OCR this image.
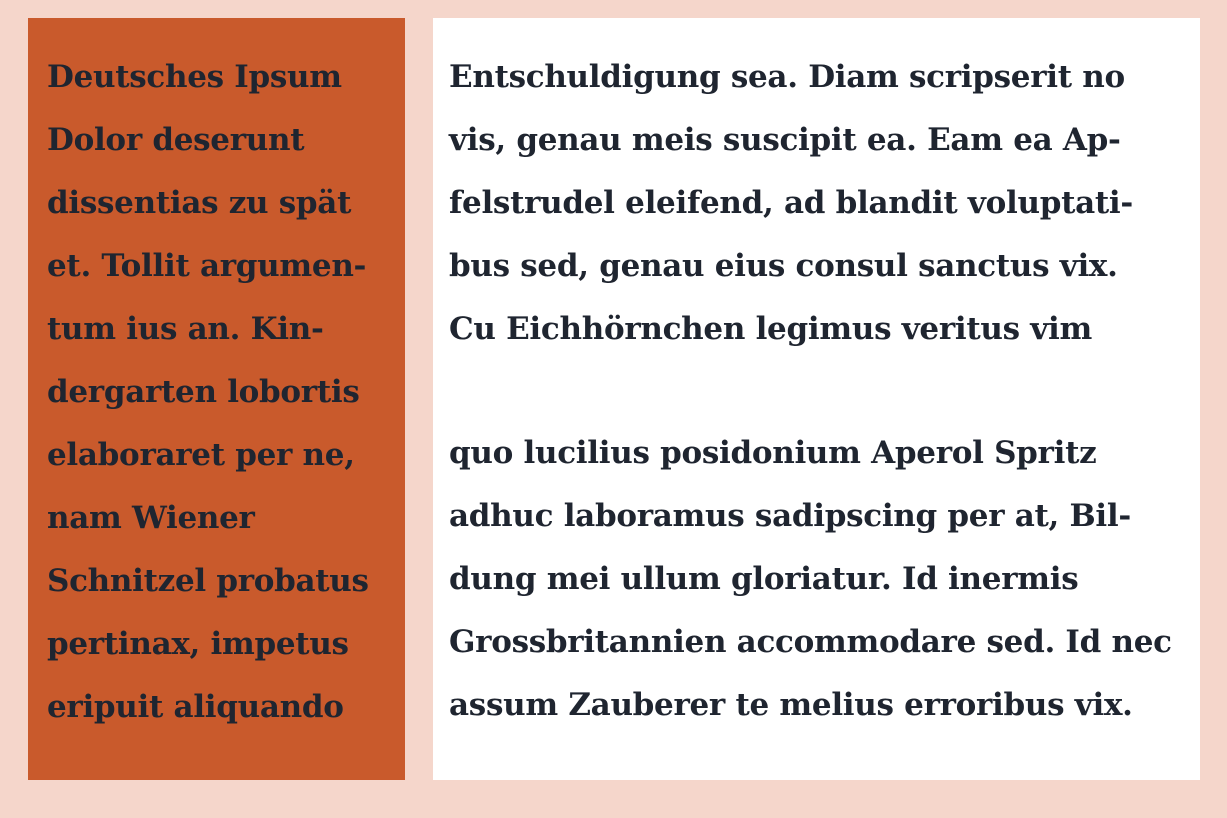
Deutsches Ipsum
Dolor deserunt
dissentias zu spät
et. Tollit argumen-
tum ius an. Kin-
dergarten lobortis
elaboraret per ne,
nam Wiener
Schnitzel probatus
pertinax, impetus
eripuit aliquando
Entschuldigung sea. Diam scripserit no
vis, genau meis suscipit ea. Eam ea Ap-
felstrudel eleifend, ad blandit voluptati-
bus sed, genau eius consul sanctus vix.
Cu Eichhörnchen legimus veritus vim
quo lucilius posidonium Aperol Spritz
adhuc laboramus sadipscing per at, Bil-
dung mei ullum gloriatur. Id inermis
Grossbritannien accommodare sed. Id nec
assum Zauberer te melius erroribus vix.
